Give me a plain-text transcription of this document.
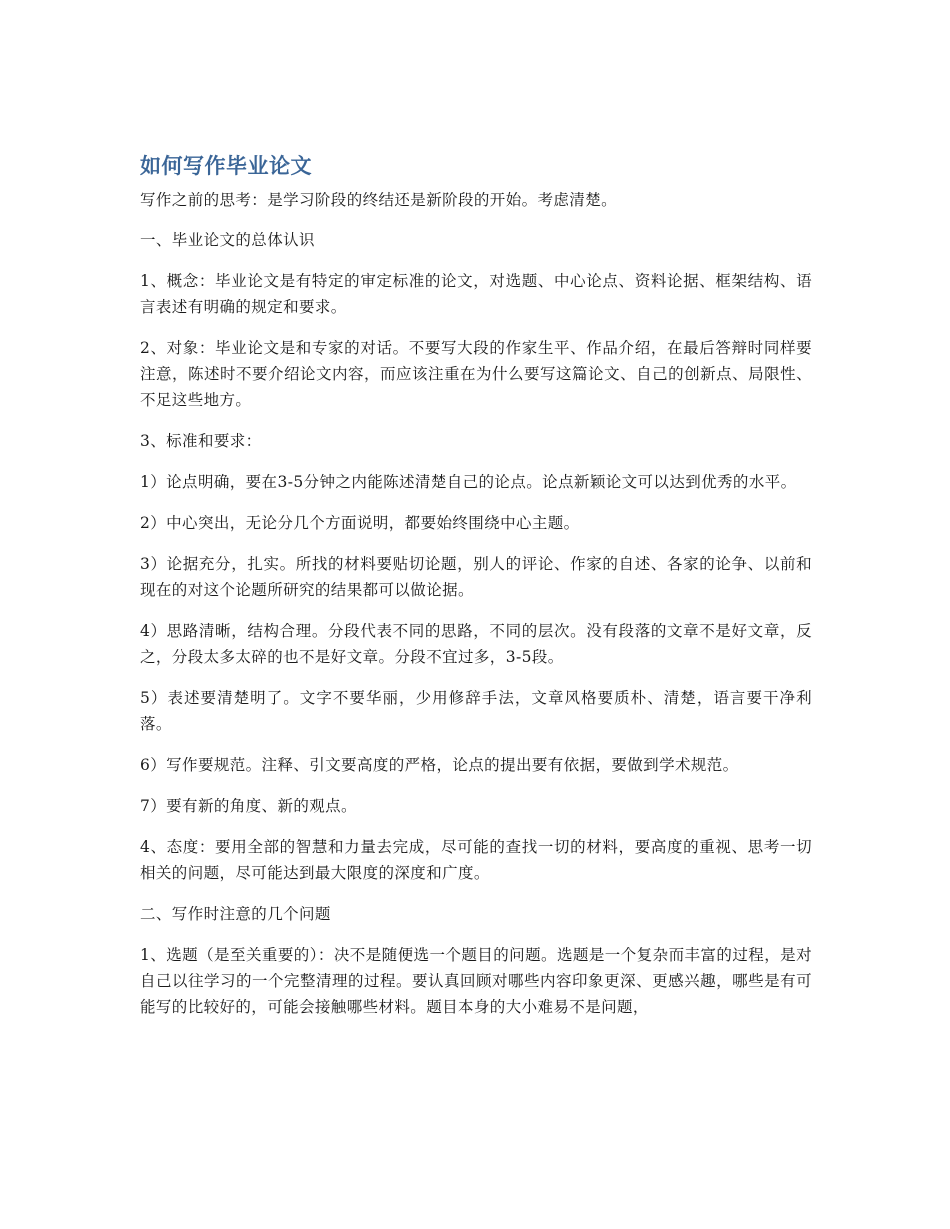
如何写作毕业论文

写作之前的思考：是学习阶段的终结还是新阶段的开始。考虑清楚。

一、毕业论文的总体认识

1、概念：毕业论文是有特定的审定标准的论文，对选题、中心论点、资料论据、框架结构、语言表述有明确的规定和要求。

2、对象：毕业论文是和专家的对话。不要写大段的作家生平、作品介绍，在最后答辩时同样要注意，陈述时不要介绍论文内容，而应该注重在为什么要写这篇论文、自己的创新点、局限性、不足这些地方。

3、标准和要求：

1）论点明确，要在3-5分钟之内能陈述清楚自己的论点。论点新颖论文可以达到优秀的水平。

2）中心突出，无论分几个方面说明，都要始终围绕中心主题。

3）论据充分，扎实。所找的材料要贴切论题，别人的评论、作家的自述、各家的论争、以前和现在的对这个论题所研究的结果都可以做论据。

4）思路清晰，结构合理。分段代表不同的思路，不同的层次。没有段落的文章不是好文章，反之，分段太多太碎的也不是好文章。分段不宜过多，3-5段。

5）表述要清楚明了。文字不要华丽，少用修辞手法，文章风格要质朴、清楚，语言要干净利落。

6）写作要规范。注释、引文要高度的严格，论点的提出要有依据，要做到学术规范。

7）要有新的角度、新的观点。

4、态度：要用全部的智慧和力量去完成，尽可能的查找一切的材料，要高度的重视、思考一切相关的问题，尽可能达到最大限度的深度和广度。

二、写作时注意的几个问题

1、选题（是至关重要的）：决不是随便选一个题目的问题。选题是一个复杂而丰富的过程，是对自己以往学习的一个完整清理的过程。要认真回顾对哪些内容印象更深、更感兴趣，哪些是有可能写的比较好的，可能会接触哪些材料。题目本身的大小难易不是问题，
